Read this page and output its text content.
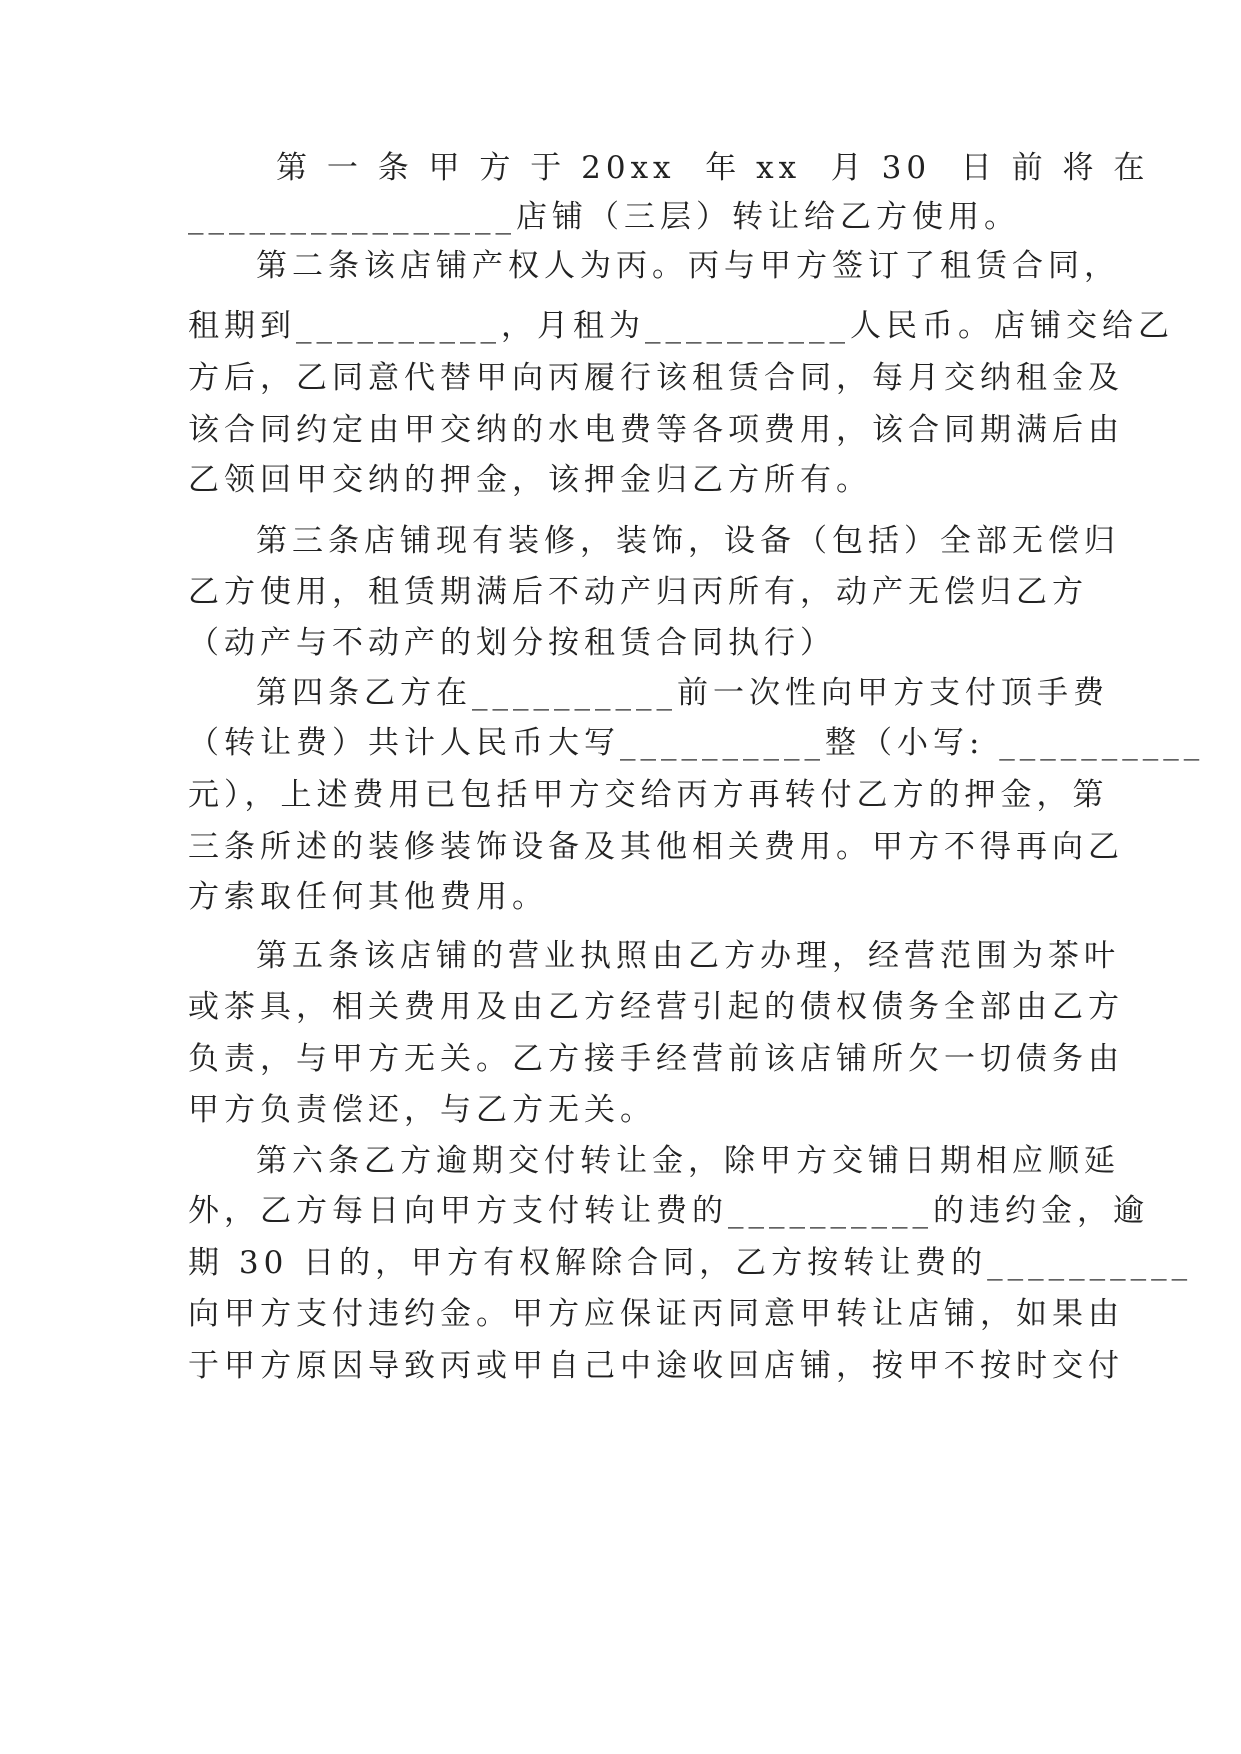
第 一 条 甲 方 于 20xx  年 xx  月 30  日 前 将 在
________________店铺（三层）转让给乙方使用。
第二条该店铺产权人为丙。丙与甲方签订了租赁合同，
租期到__________，月租为__________人民币。店铺交给乙
方后，乙同意代替甲向丙履行该租赁合同，每月交纳租金及
该合同约定由甲交纳的水电费等各项费用，该合同期满后由
乙领回甲交纳的押金，该押金归乙方所有。
第三条店铺现有装修，装饰，设备（包括）全部无偿归
乙方使用，租赁期满后不动产归丙所有，动产无偿归乙方
（动产与不动产的划分按租赁合同执行）
第四条乙方在__________前一次性向甲方支付顶手费
（转让费）共计人民币大写__________整（小写: __________
元），上述费用已包括甲方交给丙方再转付乙方的押金，第
三条所述的装修装饰设备及其他相关费用。甲方不得再向乙
方索取任何其他费用。
第五条该店铺的营业执照由乙方办理，经营范围为茶叶
或茶具，相关费用及由乙方经营引起的债权债务全部由乙方
负责，与甲方无关。乙方接手经营前该店铺所欠一切债务由
甲方负责偿还，与乙方无关。
第六条乙方逾期交付转让金，除甲方交铺日期相应顺延
外，乙方每日向甲方支付转让费的__________的违约金，逾
期 30 日的，甲方有权解除合同，乙方按转让费的__________
向甲方支付违约金。甲方应保证丙同意甲转让店铺，如果由
于甲方原因导致丙或甲自己中途收回店铺，按甲不按时交付
